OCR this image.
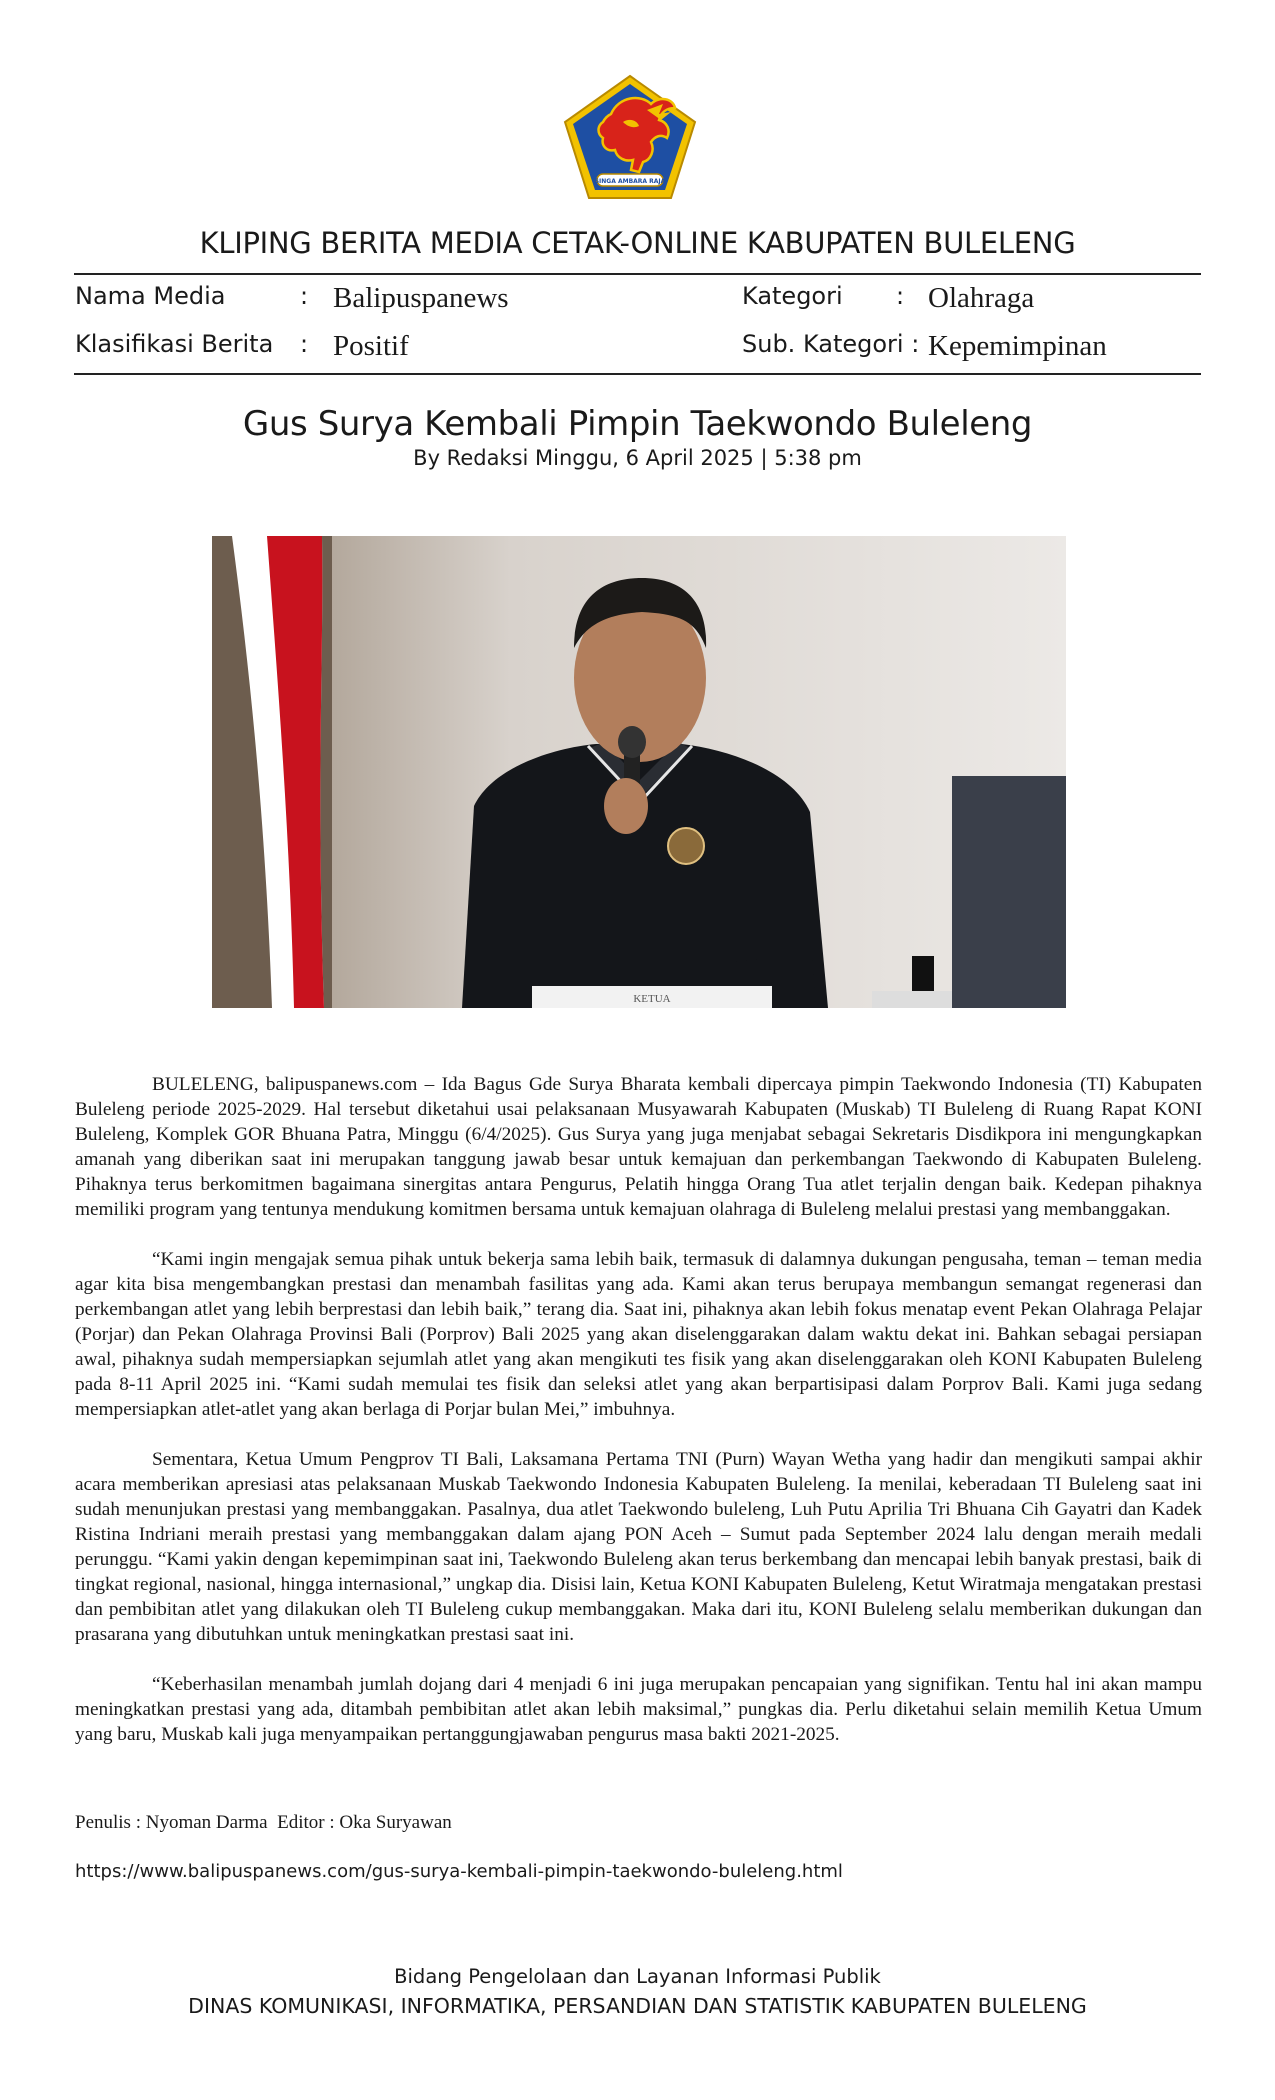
SINGA AMBARA RAJA
KLIPING BERITA MEDIA CETAK-ONLINE KABUPATEN BULELENG
Nama Media	: Balipuspanews	Kategori : Olahraga
Klasifikasi Berita : Positif	Sub. Kategori : Kepemimpinan
Gus Surya Kembali Pimpin Taekwondo Buleleng
By Redaksi Minggu, 6 April 2025 | 5:38 pm
KETUA

BULELENG, balipuspanews.com – Ida Bagus Gde Surya Bharata kembali dipercaya pimpin Taekwondo Indonesia (TI) Kabupaten Buleleng periode 2025-2029. Hal tersebut diketahui usai pelaksanaan Musyawarah Kabupaten (Muskab) TI Buleleng di Ruang Rapat KONI Buleleng, Komplek GOR Bhuana Patra, Minggu (6/4/2025). Gus Surya yang juga menjabat sebagai Sekretaris Disdikpora ini mengungkapkan amanah yang diberikan saat ini merupakan tanggung jawab besar untuk kemajuan dan perkembangan Taekwondo di Kabupaten Buleleng. Pihaknya terus berkomitmen bagaimana sinergitas antara Pengurus, Pelatih hingga Orang Tua atlet terjalin dengan baik. Kedepan pihaknya memiliki program yang tentunya mendukung komitmen bersama untuk kemajuan olahraga di Buleleng melalui prestasi yang membanggakan.

“Kami ingin mengajak semua pihak untuk bekerja sama lebih baik, termasuk di dalamnya dukungan pengusaha, teman – teman media agar kita bisa mengembangkan prestasi dan menambah fasilitas yang ada. Kami akan terus berupaya membangun semangat regenerasi dan perkembangan atlet yang lebih berprestasi dan lebih baik,” terang dia. Saat ini, pihaknya akan lebih fokus menatap event Pekan Olahraga Pelajar (Porjar) dan Pekan Olahraga Provinsi Bali (Porprov) Bali 2025 yang akan diselenggarakan dalam waktu dekat ini. Bahkan sebagai persiapan awal, pihaknya sudah mempersiapkan sejumlah atlet yang akan mengikuti tes fisik yang akan diselenggarakan oleh KONI Kabupaten Buleleng pada 8-11 April 2025 ini. “Kami sudah memulai tes fisik dan seleksi atlet yang akan berpartisipasi dalam Porprov Bali. Kami juga sedang mempersiapkan atlet-atlet yang akan berlaga di Porjar bulan Mei,” imbuhnya.

Sementara, Ketua Umum Pengprov TI Bali, Laksamana Pertama TNI (Purn) Wayan Wetha yang hadir dan mengikuti sampai akhir acara memberikan apresiasi atas pelaksanaan Muskab Taekwondo Indonesia Kabupaten Buleleng. Ia menilai, keberadaan TI Buleleng saat ini sudah menunjukan prestasi yang membanggakan. Pasalnya, dua atlet Taekwondo buleleng, Luh Putu Aprilia Tri Bhuana Cih Gayatri dan Kadek Ristina Indriani meraih prestasi yang membanggakan dalam ajang PON Aceh – Sumut pada September 2024 lalu dengan meraih medali perunggu. “Kami yakin dengan kepemimpinan saat ini, Taekwondo Buleleng akan terus berkembang dan mencapai lebih banyak prestasi, baik di tingkat regional, nasional, hingga internasional,” ungkap dia. Disisi lain, Ketua KONI Kabupaten Buleleng, Ketut Wiratmaja mengatakan prestasi dan pembibitan atlet yang dilakukan oleh TI Buleleng cukup membanggakan. Maka dari itu, KONI Buleleng selalu memberikan dukungan dan prasarana yang dibutuhkan untuk meningkatkan prestasi saat ini.

“Keberhasilan menambah jumlah dojang dari 4 menjadi 6 ini juga merupakan pencapaian yang signifikan. Tentu hal ini akan mampu meningkatkan prestasi yang ada, ditambah pembibitan atlet akan lebih maksimal,” pungkas dia. Perlu diketahui selain memilih Ketua Umum yang baru, Muskab kali juga menyampaikan pertanggungjawaban pengurus masa bakti 2021-2025.

Penulis : Nyoman Darma  Editor : Oka Suryawan
https://www.balipuspanews.com/gus-surya-kembali-pimpin-taekwondo-buleleng.html
Bidang Pengelolaan dan Layanan Informasi Publik
DINAS KOMUNIKASI, INFORMATIKA, PERSANDIAN DAN STATISTIK KABUPATEN BULELENG
